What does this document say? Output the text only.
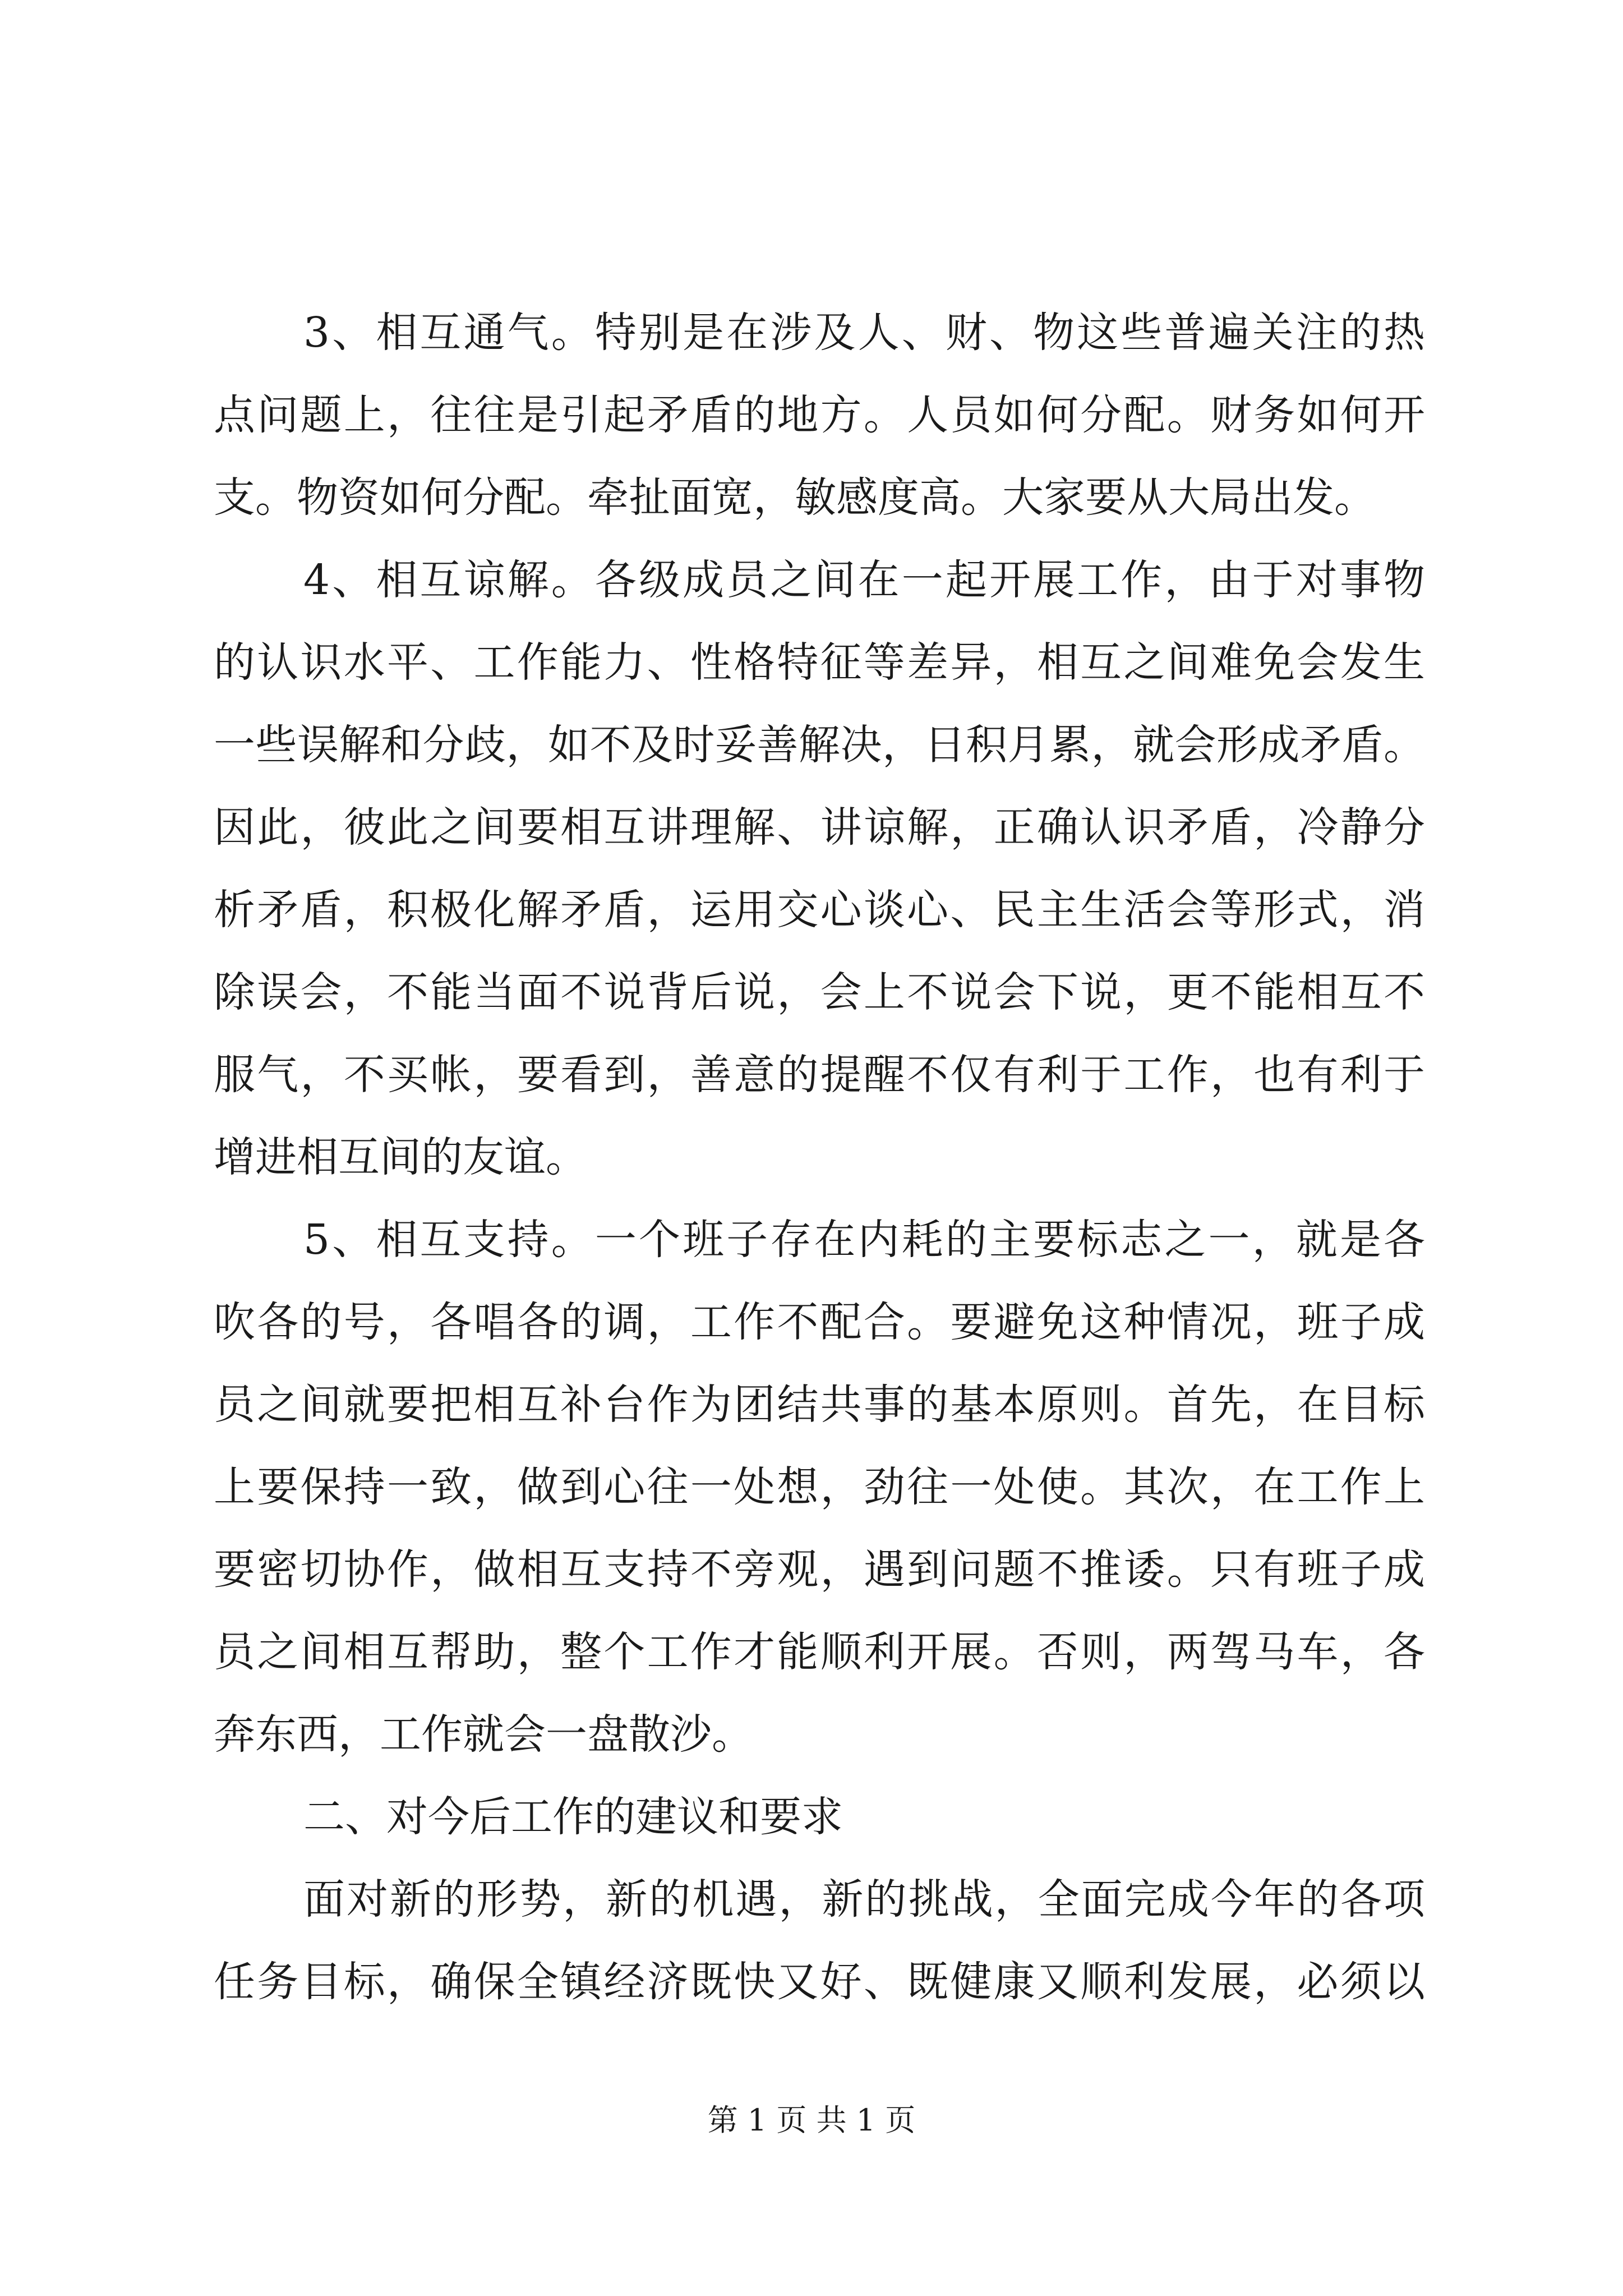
3、相互通气。特别是在涉及人、财、物这些普遍关注的热
点问题上，往往是引起矛盾的地方。人员如何分配。财务如何开
支。物资如何分配。牵扯面宽，敏感度高。大家要从大局出发。
4、相互谅解。各级成员之间在一起开展工作，由于对事物
的认识水平、工作能力、性格特征等差异，相互之间难免会发生
一些误解和分歧，如不及时妥善解决，日积月累，就会形成矛盾。
因此，彼此之间要相互讲理解、讲谅解，正确认识矛盾，冷静分
析矛盾，积极化解矛盾，运用交心谈心、民主生活会等形式，消
除误会，不能当面不说背后说，会上不说会下说，更不能相互不
服气，不买帐，要看到，善意的提醒不仅有利于工作，也有利于
增进相互间的友谊。
5、相互支持。一个班子存在内耗的主要标志之一，就是各
吹各的号，各唱各的调，工作不配合。要避免这种情况，班子成
员之间就要把相互补台作为团结共事的基本原则。首先，在目标
上要保持一致，做到心往一处想，劲往一处使。其次，在工作上
要密切协作，做相互支持不旁观，遇到问题不推诿。只有班子成
员之间相互帮助，整个工作才能顺利开展。否则，两驾马车，各
奔东西，工作就会一盘散沙。
二、对今后工作的建议和要求
面对新的形势，新的机遇，新的挑战，全面完成今年的各项
任务目标，确保全镇经济既快又好、既健康又顺利发展，必须以
第 1 页 共 1 页
